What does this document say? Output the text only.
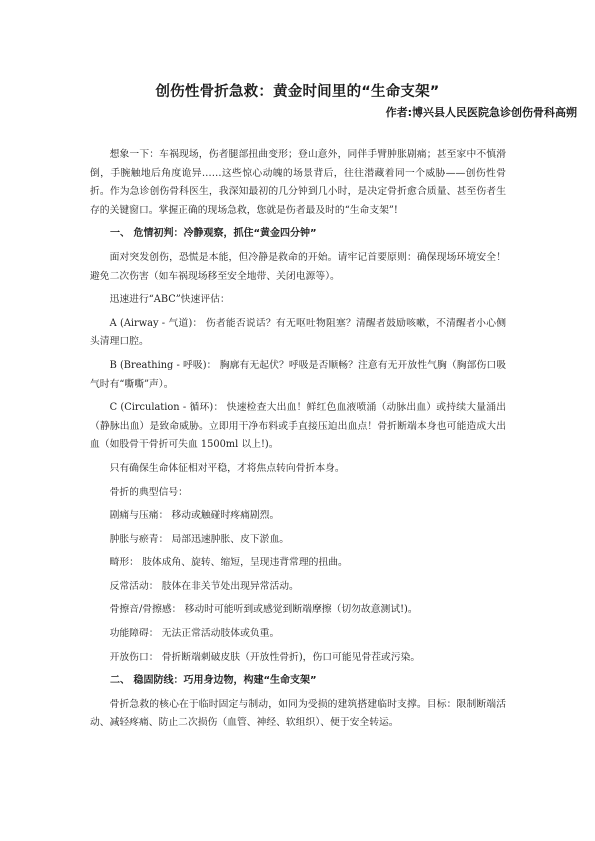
创伤性骨折急救：黄金时间里的“生命支架”
作者:博兴县人民医院急诊创伤骨科高朔

想象一下：车祸现场，伤者腿部扭曲变形；登山意外，同伴手臂肿胀剧痛；甚至家中不慎滑倒，手腕触地后角度诡异……这些惊心动魄的场景背后，往往潜藏着同一个威胁——创伤性骨折。作为急诊创伤骨科医生，我深知最初的几分钟到几小时，是决定骨折愈合质量、甚至伤者生存的关键窗口。掌握正确的现场急救，您就是伤者最及时的“生命支架”!

一、 危情初判：冷静观察，抓住“黄金四分钟”

面对突发创伤，恐慌是本能，但冷静是救命的开始。请牢记首要原则：确保现场环境安全！ 避免二次伤害（如车祸现场移至安全地带、关闭电源等）。

迅速进行“ABC”快速评估：

A (Airway - 气道)： 伤者能否说话？有无呕吐物阻塞？清醒者鼓励咳嗽，不清醒者小心侧头清理口腔。

B (Breathing - 呼吸)： 胸廓有无起伏？呼吸是否顺畅？注意有无开放性气胸（胸部伤口吸气时有“嘶嘶”声）。

C (Circulation - 循环)： 快速检查大出血！鲜红色血液喷涌（动脉出血）或持续大量涌出（静脉出血）是致命威胁。立即用干净布料或手直接压迫出血点！骨折断端本身也可能造成大出血（如股骨干骨折可失血 1500ml 以上!)。

只有确保生命体征相对平稳，才将焦点转向骨折本身。

骨折的典型信号：

剧痛与压痛： 移动或触碰时疼痛剧烈。

肿胀与瘀青： 局部迅速肿胀、皮下淤血。

畸形： 肢体成角、旋转、缩短，呈现违背常理的扭曲。

反常活动： 肢体在非关节处出现异常活动。

骨擦音/骨擦感： 移动时可能听到或感觉到断端摩擦（切勿故意测试!)。

功能障碍： 无法正常活动肢体或负重。

开放伤口： 骨折断端刺破皮肤（开放性骨折)，伤口可能见骨茬或污染。

二、 稳固防线：巧用身边物，构建“生命支架”

骨折急救的核心在于临时固定与制动，如同为受损的建筑搭建临时支撑。目标：限制断端活动、减轻疼痛、防止二次损伤（血管、神经、软组织）、便于安全转运。
